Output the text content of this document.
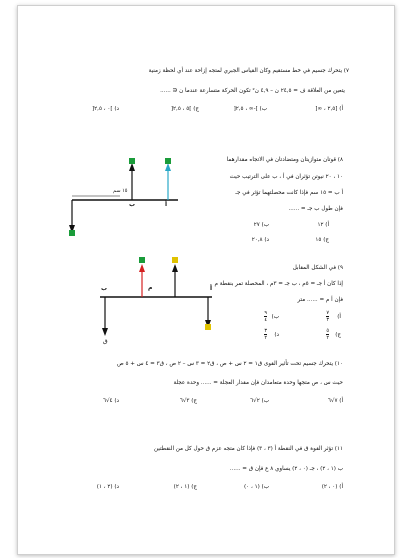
٧) يتحرك جسيم في خط مستقيم وكان القياس الجبري لمتجه إزاحة عند أي لحظة زمنية
يتعين من العلاقة ف = ٢٤,٥ ن – ٤,٩ ن² تكون الحركة متسارعة عندما ن ∈ ......
أ) [٢,٥ ، ∞[
ب) ]-∞ ، ٢,٥[
ج) ]٥ ، ٢,٥[
د) ]٠ ، ٢,٥[
٨) قوتان متوازيتان ومتضادتان في الاتجاه مقدارهما
١٠ ، ٢٠ نيوتن تؤثران في أ ، ب على الترتيب حيث
أ ب = ١٥ سم فإذا كانت محصلتهما تؤثر في جـ
فإن طول ب جـ = ......
أ) ١٢
ب) ٢٧
ج) ١٥
د) ٢٠,٨
١٥ سم
ب	أ
٩) في الشكل المقابل
إذا كان أ جـ = ٥م ، ب جـ = ٣م ، المحصلة تمر بنقطة م
فإن أ م = ...... متر
أ)
٧
٣
ب)
٩
٤
ج)
٥
٢
د)
٣
٢
ب	م	أ
ق
١٠) يتحرك جسيم تحت تأثير القوى ق١ = ٢ س + ص ، ق٢ = ٣ س – ٢ ص ، ق٣ = ٤ س + ٥ ص
حيث س ، ص متجها وحدة متعامدان فإن مقدار العجلة = ...... وحدة عجلة
أ) ٧√٦
ب) ٢√٦
ج) ٣√٦
د) ٤√٦
١١) تؤثر القوة ق في النقطة أ (٣ ، ٣) فإذا كان متجه عزم ق حول كل من النقطتين
ب (١ ، ٢) ، جـ (٠ ، ٢) يساوي ٨ ع فإن ق = ......
أ) (٠ ، ٢)
ب) (١ ، ٠)
ج) (١ ، ٢)
د) (٢ ، ١)
